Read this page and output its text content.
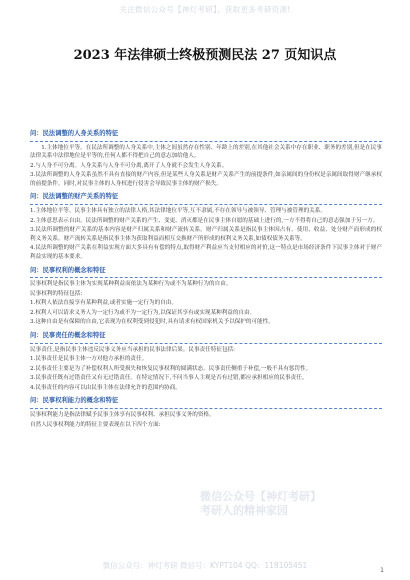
关注微信公众号【神灯考研】，获取更多考研资源!
2023 年法律硕士终极预测民法 27 页知识点
问：民法调整的人身关系的特征

1.主体地位平等。在民法所调整的人身关系中,主体之间虽然存在性别、年龄上的差别,在其他社会关系中存在职业、职务的差别,但是在民事法律关系中法律地位是平等的,任何人都不得把自己的意志加给他人。

2.与人身不可分离。人身关系与人身不可分离,离开了人身就不会发生人身关系。

3.民法所调整的人身关系虽然不具有直接的财产内容,但是某些人身关系是财产关系产生的前提条件,如亲属间的身份权是亲属间取得财产继承权的前提条件。同时,对民事主体的人身权进行侵害会导致民事主体的财产损失。

问：民法调整的财产关系的特征

1.主体地位平等。民事主体具有独立的法律人格,其法律地位平等,互不隶属,不存在领导与被领导、管理与被管理的关系。

2.主体意思表示自由。民法所调整的财产关系的产生、变更、消灭都是在民事主体自愿的基础上进行的,一方不得将自己的意志强加于另一方。

3.民法所调整的财产关系的基本内容是财产归属关系和财产流转关系。财产归属关系是指民事主体因占有、使用、收益、处分财产而形成的权利义务关系。财产流转关系是指民事主体为获取利益而相互交换财产所形成的权利义务关系,如债权债务关系等。

4.民法所调整的财产关系在利益实现方面大多具有有偿的特点,取得财产利益应当支付相应的对价,这一特点是市场经济条件下民事主体对于财产利益实现的基本要求。

问：民事权利的概念和特征

民事权利是指民事主体为实现某种利益而依法为某种行为或不为某种行为的自由。

民事权利的特征包括:

1.权利人依法直接享有某种利益,或者实施一定行为的自由。

2.权利人可以请求义务人为一定行为或不为一定行为,以保证其享有或实现某种利益的自由。

3.这种自由是有保障的自由,它表现为在权利受到侵犯时,具有请求有权国家机关予以保护的可能性。

问：民事责任的概念和特征

民事责任,是指民事主体违反民事义务应当承担的民事法律后果。民事责任特征包括:

1.民事责任是民事主体一方对他方承担的责任。

2.民事责任主要是为了补偿权利人所受损失和恢复民事权利的圆满状态。民事责任侧重于补偿,一般不具有惩罚性。

3.民事责任既有过错责任又有无过错责任。在特定情况下,不问当事人主观是否有过错,都应承担相应的民事责任。

4.民事责任的内容可以由民事主体在法律允许的范围内协商。

问：民事权利能力的概念和特征

民事权利能力是指法律赋予民事主体享有民事权利、承担民事义务的资格。

自然人民事权利能力的特征主要表现在以下四个方面:

微信公众号【神灯考研】
考研人的精神家园
微信公众号：神灯考研 微信号：KYPT104 QQ：118105451
1
